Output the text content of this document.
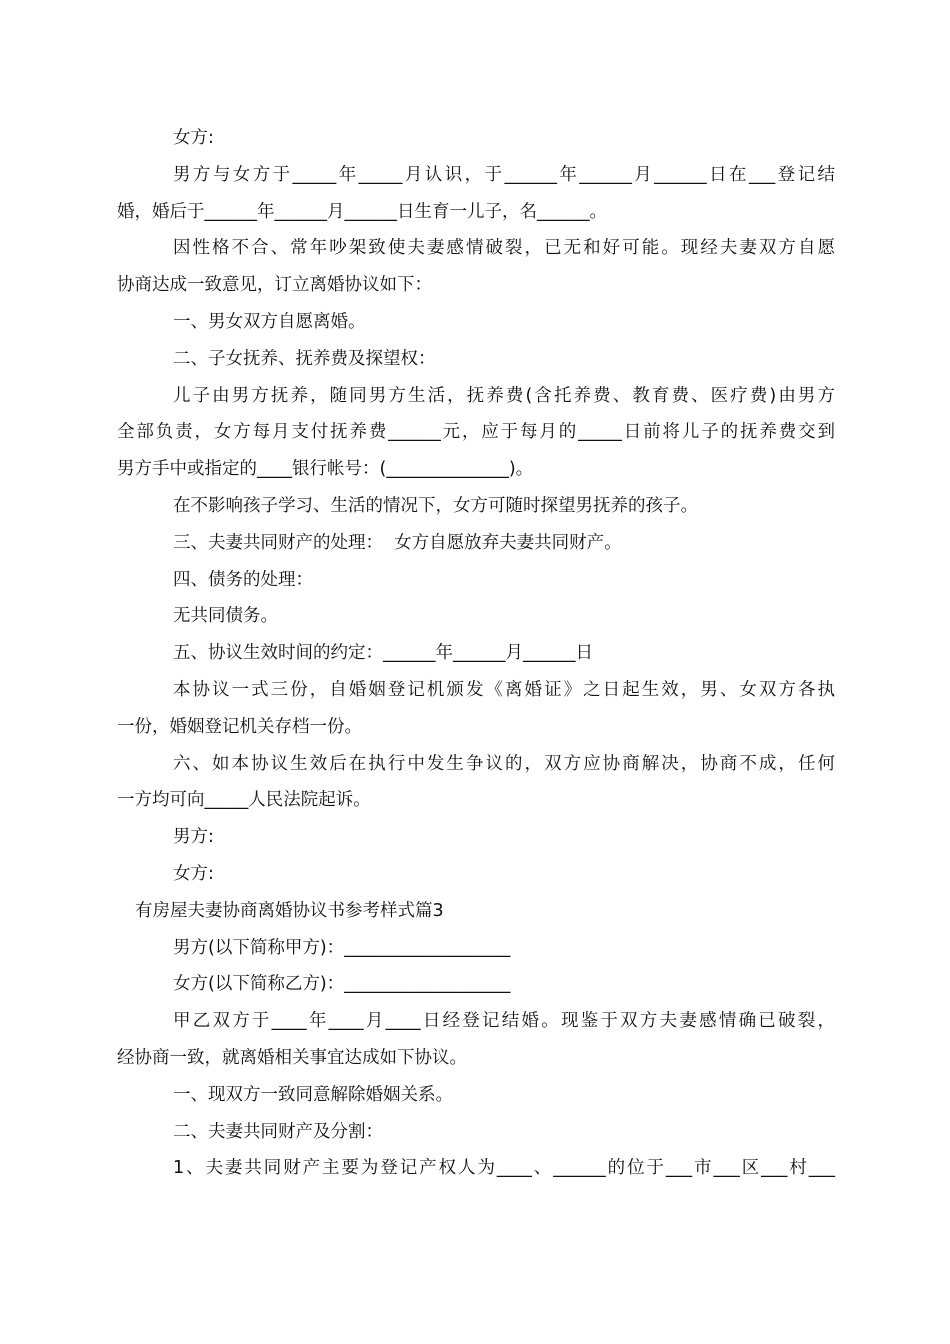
女方:

男方与女方于_____年_____月认识，于______年______月______日在___登记结

婚，婚后于______年______月______日生育一儿子，名______。

因性格不合、常年吵架致使夫妻感情破裂，已无和好可能。现经夫妻双方自愿

协商达成一致意见，订立离婚协议如下：

一、男女双方自愿离婚。

二、子女抚养、抚养费及探望权：

儿子由男方抚养，随同男方生活，抚养费(含托养费、教育费、医疗费)由男方

全部负责，女方每月支付抚养费______元，应于每月的_____日前将儿子的抚养费交到

男方手中或指定的____银行帐号：(______________)。

在不影响孩子学习、生活的情况下，女方可随时探望男抚养的孩子。

三、夫妻共同财产的处理：  女方自愿放弃夫妻共同财产。

四、债务的处理：

无共同债务。

五、协议生效时间的约定：______年______月______日

本协议一式三份，自婚姻登记机颁发《离婚证》之日起生效，男、女双方各执

一份，婚姻登记机关存档一份。

六、如本协议生效后在执行中发生争议的，双方应协商解决，协商不成，任何

一方均可向_____人民法院起诉。

男方:

女方:

有房屋夫妻协商离婚协议书参考样式篇3

男方(以下简称甲方)：___________________

女方(以下简称乙方)：___________________

甲乙双方于____年____月____日经登记结婚。现鉴于双方夫妻感情确已破裂，

经协商一致，就离婚相关事宜达成如下协议。

一、现双方一致同意解除婚姻关系。

二、夫妻共同财产及分割：

1、夫妻共同财产主要为登记产权人为____、______的位于___市___区___村___
